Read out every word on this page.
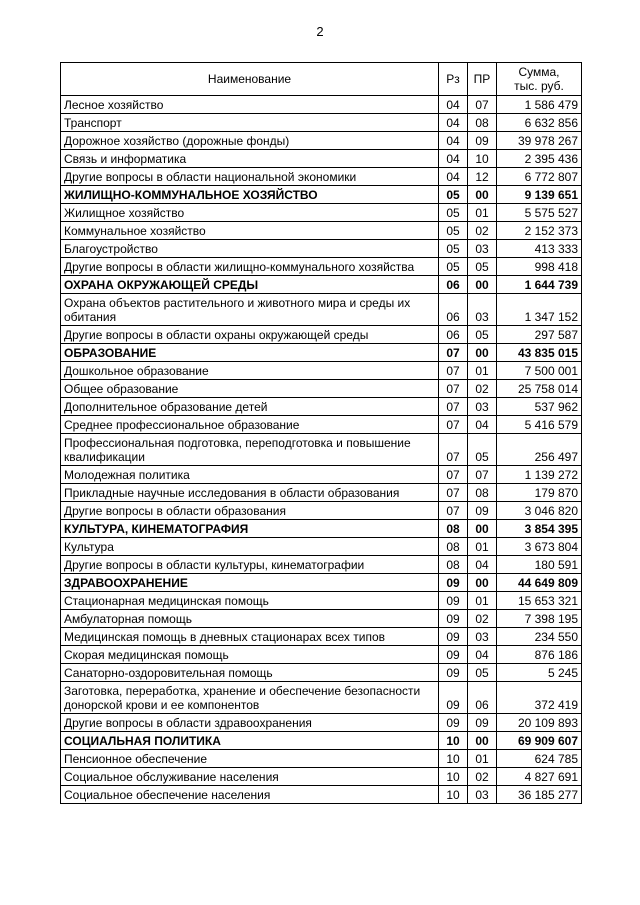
2
Наименование	Рз	ПР	Сумма,
тыс. руб.
Лесное хозяйство	04	07	1 586 479
Транспорт	04	08	6 632 856
Дорожное хозяйство (дорожные фонды)	04	09	39 978 267
Связь и информатика	04	10	2 395 436
Другие вопросы в области национальной экономики	04	12	6 772 807
ЖИЛИЩНО-КОММУНАЛЬНОЕ ХОЗЯЙСТВО	05	00	9 139 651
Жилищное хозяйство	05	01	5 575 527
Коммунальное хозяйство	05	02	2 152 373
Благоустройство	05	03	413 333
Другие вопросы в области жилищно-коммунального хозяйства	05	05	998 418
ОХРАНА ОКРУЖАЮЩЕЙ СРЕДЫ	06	00	1 644 739
Охрана объектов растительного и животного мира и среды их обитания	06	03	1 347 152
Другие вопросы в области охраны окружающей среды	06	05	297 587
ОБРАЗОВАНИЕ	07	00	43 835 015
Дошкольное образование	07	01	7 500 001
Общее образование	07	02	25 758 014
Дополнительное образование детей	07	03	537 962
Среднее профессиональное образование	07	04	5 416 579
Профессиональная подготовка, переподготовка и повышение квалификации	07	05	256 497
Молодежная политика	07	07	1 139 272
Прикладные научные исследования в области образования	07	08	179 870
Другие вопросы в области образования	07	09	3 046 820
КУЛЬТУРА, КИНЕМАТОГРАФИЯ	08	00	3 854 395
Культура	08	01	3 673 804
Другие вопросы в области культуры, кинематографии	08	04	180 591
ЗДРАВООХРАНЕНИЕ	09	00	44 649 809
Стационарная медицинская помощь	09	01	15 653 321
Амбулаторная помощь	09	02	7 398 195
Медицинская помощь в дневных стационарах всех типов	09	03	234 550
Скорая медицинская помощь	09	04	876 186
Санаторно-оздоровительная помощь	09	05	5 245
Заготовка, переработка, хранение и обеспечение безопасности донорской крови и ее компонентов	09	06	372 419
Другие вопросы в области здравоохранения	09	09	20 109 893
СОЦИАЛЬНАЯ ПОЛИТИКА	10	00	69 909 607
Пенсионное обеспечение	10	01	624 785
Социальное обслуживание населения	10	02	4 827 691
Социальное обеспечение населения	10	03	36 185 277
